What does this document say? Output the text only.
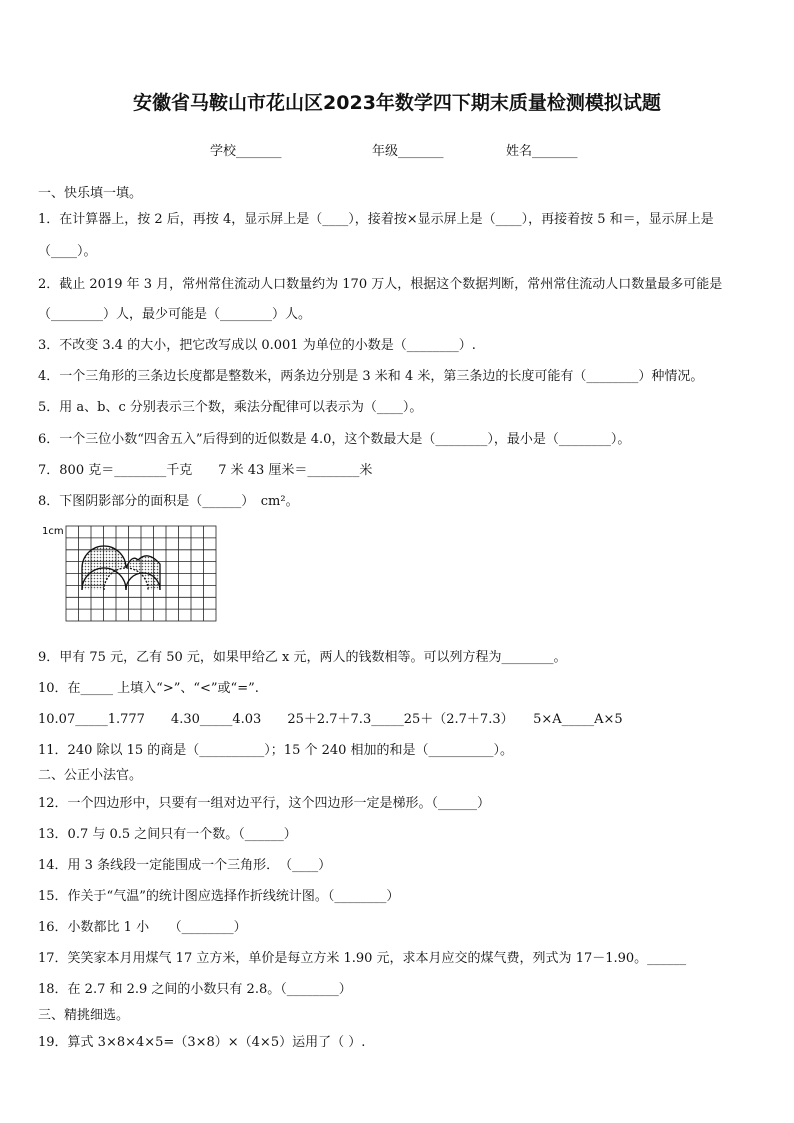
安徽省马鞍山市花山区2023年数学四下期末质量检测模拟试题
学校_______	年级_______	姓名_______
一、快乐填一填。
1．在计算器上，按 2 后，再按 4，显示屏上是（____），接着按×显示屏上是（____），再接着按 5 和＝，显示屏上是
（____）。
2．截止 2019 年 3 月，常州常住流动人口数量约为 170 万人，根据这个数据判断，常州常住流动人口数量最多可能是
（________）人，最少可能是（________）人。
3．不改变 3.4 的大小，把它改写成以 0.001 为单位的小数是（________）.
4．一个三角形的三条边长度都是整数米，两条边分别是 3 米和 4 米，第三条边的长度可能有（________）种情况。
5．用 a、b、c 分别表示三个数，乘法分配律可以表示为（____）。
6．一个三位小数“四舍五入”后得到的近似数是 4.0，这个数最大是（________），最小是（________）。
7．800 克＝________千克　　7 米 43 厘米＝________米
8．下图阴影部分的面积是（______）　cm²。
1cm
9．甲有 75 元，乙有 50 元，如果甲给乙 x 元，两人的钱数相等。可以列方程为________。
10．在_____ 上填入“>”、“<”或“=”.
10.07_____1.777　　4.30_____4.03　　25＋2.7＋7.3_____25＋（2.7＋7.3）　　5×A_____A×5
11．240 除以 15 的商是（__________）；15 个 240 相加的和是（__________）。
二、公正小法官。
12．一个四边形中，只要有一组对边平行，这个四边形一定是梯形。（______）
13．0.7 与 0.5 之间只有一个数。（______）
14．用 3 条线段一定能围成一个三角形．　（____）
15．作关于“气温”的统计图应选择作折线统计图。（________）
16．小数都比 1 小　　（________）
17．笑笑家本月用煤气 17 立方米，单价是每立方米 1.90 元，求本月应交的煤气费，列式为 17－1.90。______
18．在 2.7 和 2.9 之间的小数只有 2.8。（________）
三、精挑细选。
19．算式 3×8×4×5=（3×8）×（4×5）运用了（ ）.
